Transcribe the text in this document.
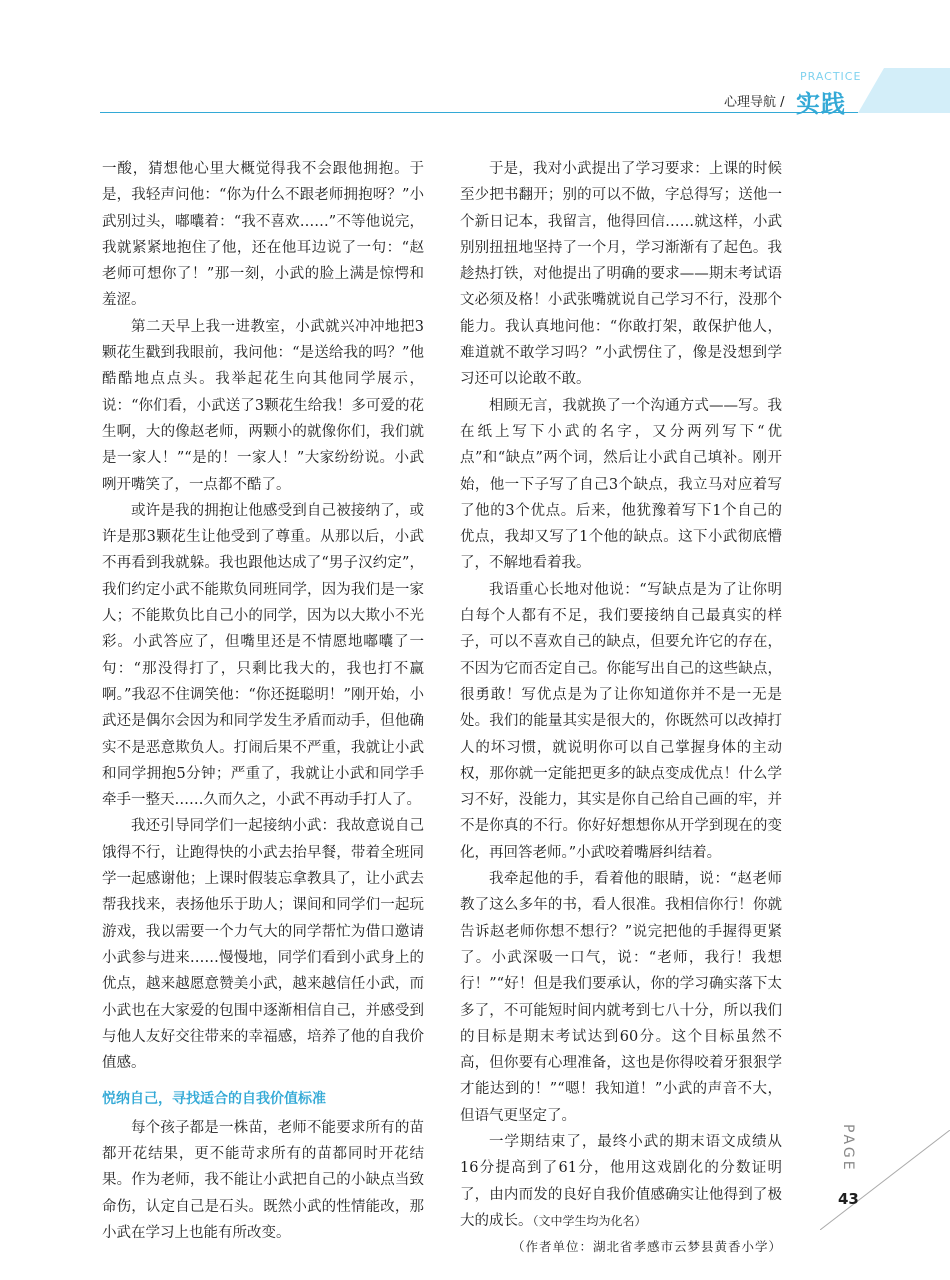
PRACTICE
心理导航 / 实践

一酸，猜想他心里大概觉得我不会跟他拥抱。于是，我轻声问他：“你为什么不跟老师拥抱呀？”小武别过头，嘟囔着：“我不喜欢……”不等他说完，我就紧紧地抱住了他，还在他耳边说了一句：“赵老师可想你了！”那一刻，小武的脸上满是惊愕和羞涩。

第二天早上我一进教室，小武就兴冲冲地把3颗花生戳到我眼前，我问他：“是送给我的吗？”他酷酷地点点头。我举起花生向其他同学展示，说：“你们看，小武送了3颗花生给我！多可爱的花生啊，大的像赵老师，两颗小的就像你们，我们就是一家人！”“是的！一家人！”大家纷纷说。小武咧开嘴笑了，一点都不酷了。

或许是我的拥抱让他感受到自己被接纳了，或许是那3颗花生让他受到了尊重。从那以后，小武不再看到我就躲。我也跟他达成了“男子汉约定”，我们约定小武不能欺负同班同学，因为我们是一家人；不能欺负比自己小的同学，因为以大欺小不光彩。小武答应了，但嘴里还是不情愿地嘟囔了一句：“那没得打了，只剩比我大的，我也打不赢啊。”我忍不住调笑他：“你还挺聪明！”刚开始，小武还是偶尔会因为和同学发生矛盾而动手，但他确实不是恶意欺负人。打闹后果不严重，我就让小武和同学拥抱5分钟；严重了，我就让小武和同学手牵手一整天……久而久之，小武不再动手打人了。

我还引导同学们一起接纳小武：我故意说自己饿得不行，让跑得快的小武去抬早餐，带着全班同学一起感谢他；上课时假装忘拿教具了，让小武去帮我找来，表扬他乐于助人；课间和同学们一起玩游戏，我以需要一个力气大的同学帮忙为借口邀请小武参与进来……慢慢地，同学们看到小武身上的优点，越来越愿意赞美小武，越来越信任小武，而小武也在大家爱的包围中逐渐相信自己，并感受到与他人友好交往带来的幸福感，培养了他的自我价值感。

悦纳自己，寻找适合的自我价值标准

每个孩子都是一株苗，老师不能要求所有的苗都开花结果，更不能苛求所有的苗都同时开花结果。作为老师，我不能让小武把自己的小缺点当致命伤，认定自己是石头。既然小武的性情能改，那小武在学习上也能有所改变。

于是，我对小武提出了学习要求：上课的时候至少把书翻开；别的可以不做，字总得写；送他一个新日记本，我留言，他得回信……就这样，小武别别扭扭地坚持了一个月，学习渐渐有了起色。我趁热打铁，对他提出了明确的要求——期末考试语文必须及格！小武张嘴就说自己学习不行，没那个能力。我认真地问他：“你敢打架，敢保护他人，难道就不敢学习吗？”小武愣住了，像是没想到学习还可以论敢不敢。

相顾无言，我就换了一个沟通方式——写。我在纸上写下小武的名字，又分两列写下“优点”和“缺点”两个词，然后让小武自己填补。刚开始，他一下子写了自己3个缺点，我立马对应着写了他的3个优点。后来，他犹豫着写下1个自己的优点，我却又写了1个他的缺点。这下小武彻底懵了，不解地看着我。

我语重心长地对他说：“写缺点是为了让你明白每个人都有不足，我们要接纳自己最真实的样子，可以不喜欢自己的缺点，但要允许它的存在，不因为它而否定自己。你能写出自己的这些缺点，很勇敢！写优点是为了让你知道你并不是一无是处。我们的能量其实是很大的，你既然可以改掉打人的坏习惯，就说明你可以自己掌握身体的主动权，那你就一定能把更多的缺点变成优点！什么学习不好，没能力，其实是你自己给自己画的牢，并不是你真的不行。你好好想想你从开学到现在的变化，再回答老师。”小武咬着嘴唇纠结着。

我牵起他的手，看着他的眼睛，说：“赵老师教了这么多年的书，看人很准。我相信你行！你就告诉赵老师你想不想行？”说完把他的手握得更紧了。小武深吸一口气，说：“老师，我行！我想行！”“好！但是我们要承认，你的学习确实落下太多了，不可能短时间内就考到七八十分，所以我们的目标是期末考试达到60分。这个目标虽然不高，但你要有心理准备，这也是你得咬着牙狠狠学才能达到的！”“嗯！我知道！”小武的声音不大，但语气更坚定了。

一学期结束了，最终小武的期末语文成绩从16分提高到了61分，他用这戏剧化的分数证明了，由内而发的良好自我价值感确实让他得到了极大的成长。（文中学生均为化名）

（作者单位：湖北省孝感市云梦县黄香小学）

PAGE
43
